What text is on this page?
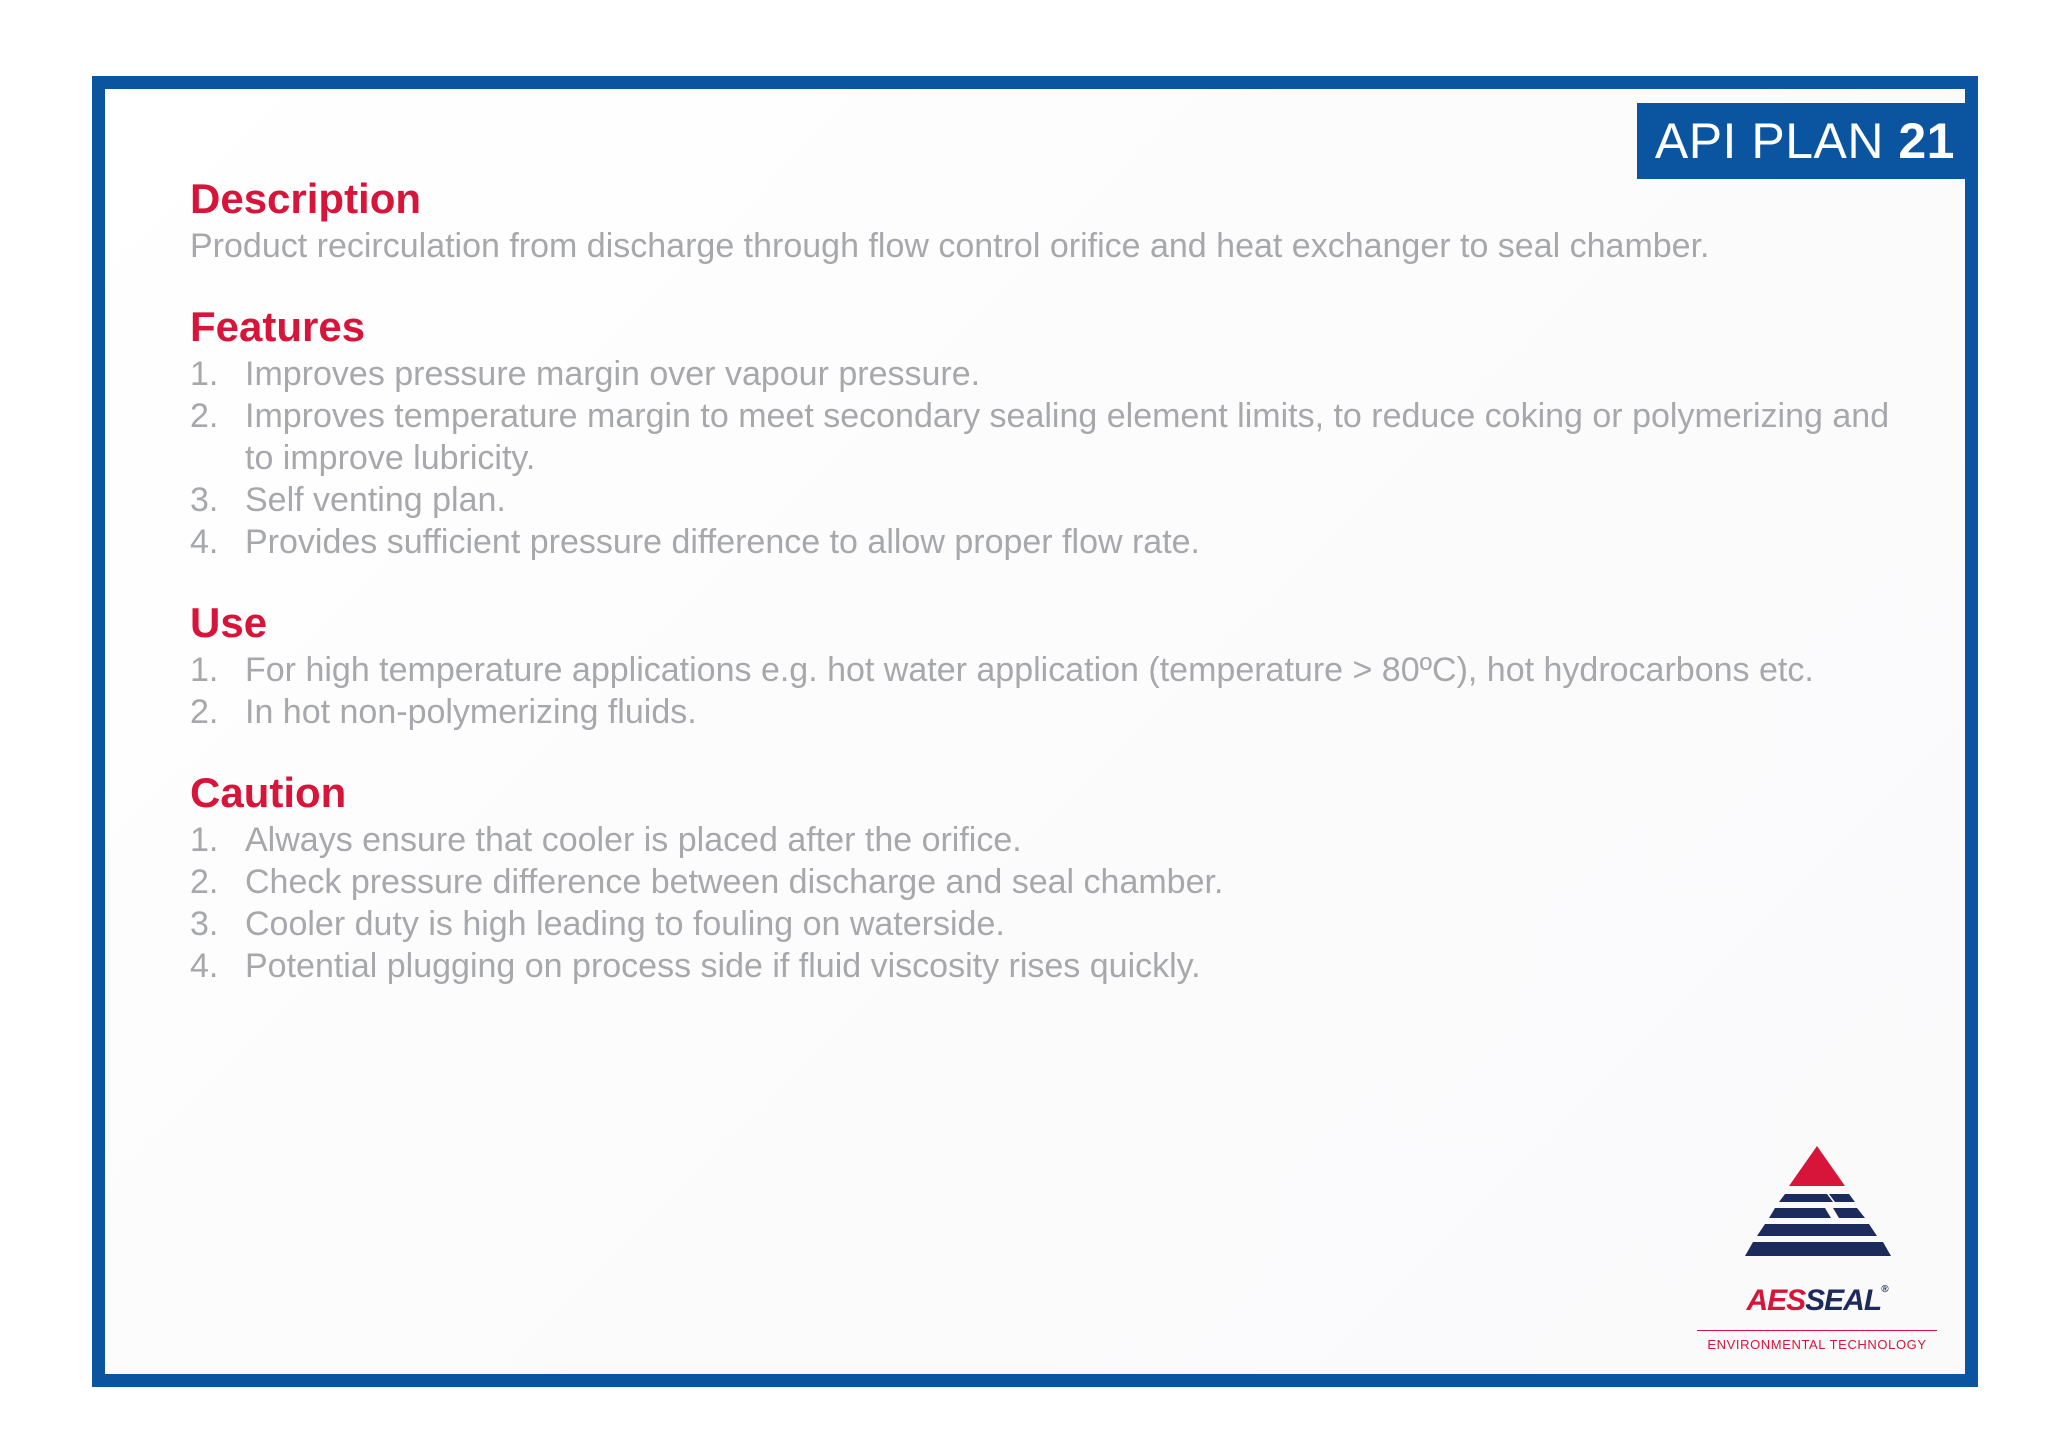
API PLAN 21
Description

Product recirculation from discharge through flow control orifice and heat exchanger to seal chamber.

Features
1. Improves pressure margin over vapour pressure.
2. Improves temperature margin to meet secondary sealing element limits, to reduce coking or polymerizing and to improve lubricity.
3. Self venting plan.
4. Provides sufficient pressure difference to allow proper flow rate.
Use
1. For high temperature applications e.g. hot water application (temperature > 80ºC), hot hydrocarbons etc.
2. In hot non-polymerizing fluids.
Caution
1. Always ensure that cooler is placed after the orifice.
2. Check pressure difference between discharge and seal chamber.
3. Cooler duty is high leading to fouling on waterside.
4. Potential plugging on process side if fluid viscosity rises quickly.
AESSEAL®
ENVIRONMENTAL TECHNOLOGY
